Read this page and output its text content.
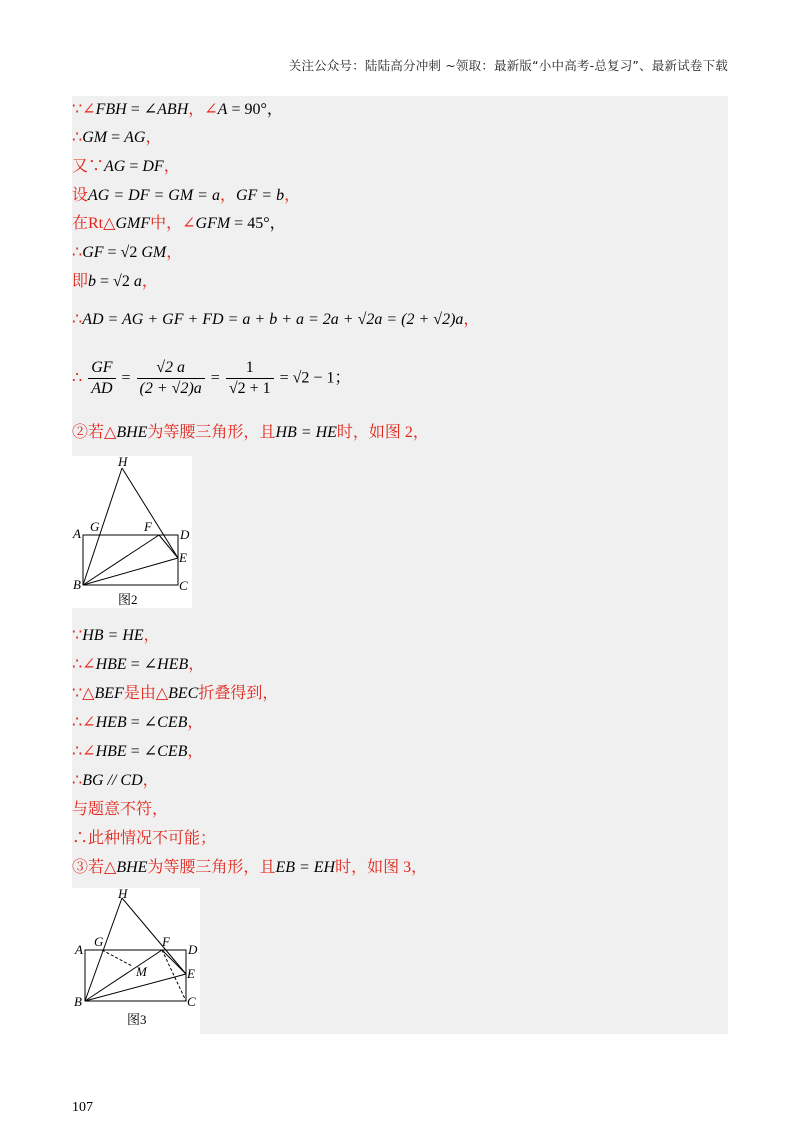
关注公众号：陆陆高分冲刺 ~领取：最新版“小中高考-总复习”、最新试卷下载
∵∠FBH = ∠ABH，∠A = 90°，
∴GM = AG，
又∵AG = DF，
设AG = DF = GM = a，GF = b，
在Rt△GMF中，∠GFM = 45°，
∴GF = √2 GM，
即b = √2 a，
∴AD = AG + GF + FD = a + b + a = 2a + √2a = (2 + √2)a，
∴ $\frac{GF}{AD} = \frac{√2 a}{(2 + √2)a} = \frac{1}{√2 + 1} = √2 - 1$；
②若△BHE为等腰三角形，且HB = HE时，如图 2，
H
A G	F
D
E
B	C
图2
∵HB = HE，
∴∠HBE = ∠HEB，
∵△BEF是由△BEC折叠得到，
∴∠HEB = ∠CEB，
∴∠HBE = ∠CEB，
∴BG // CD，
与题意不符，
∴此种情况不可能；
③若△BHE为等腰三角形，且EB = EH时，如图 3，
H
A
G	F
D
M	E
B	C
图3
107
